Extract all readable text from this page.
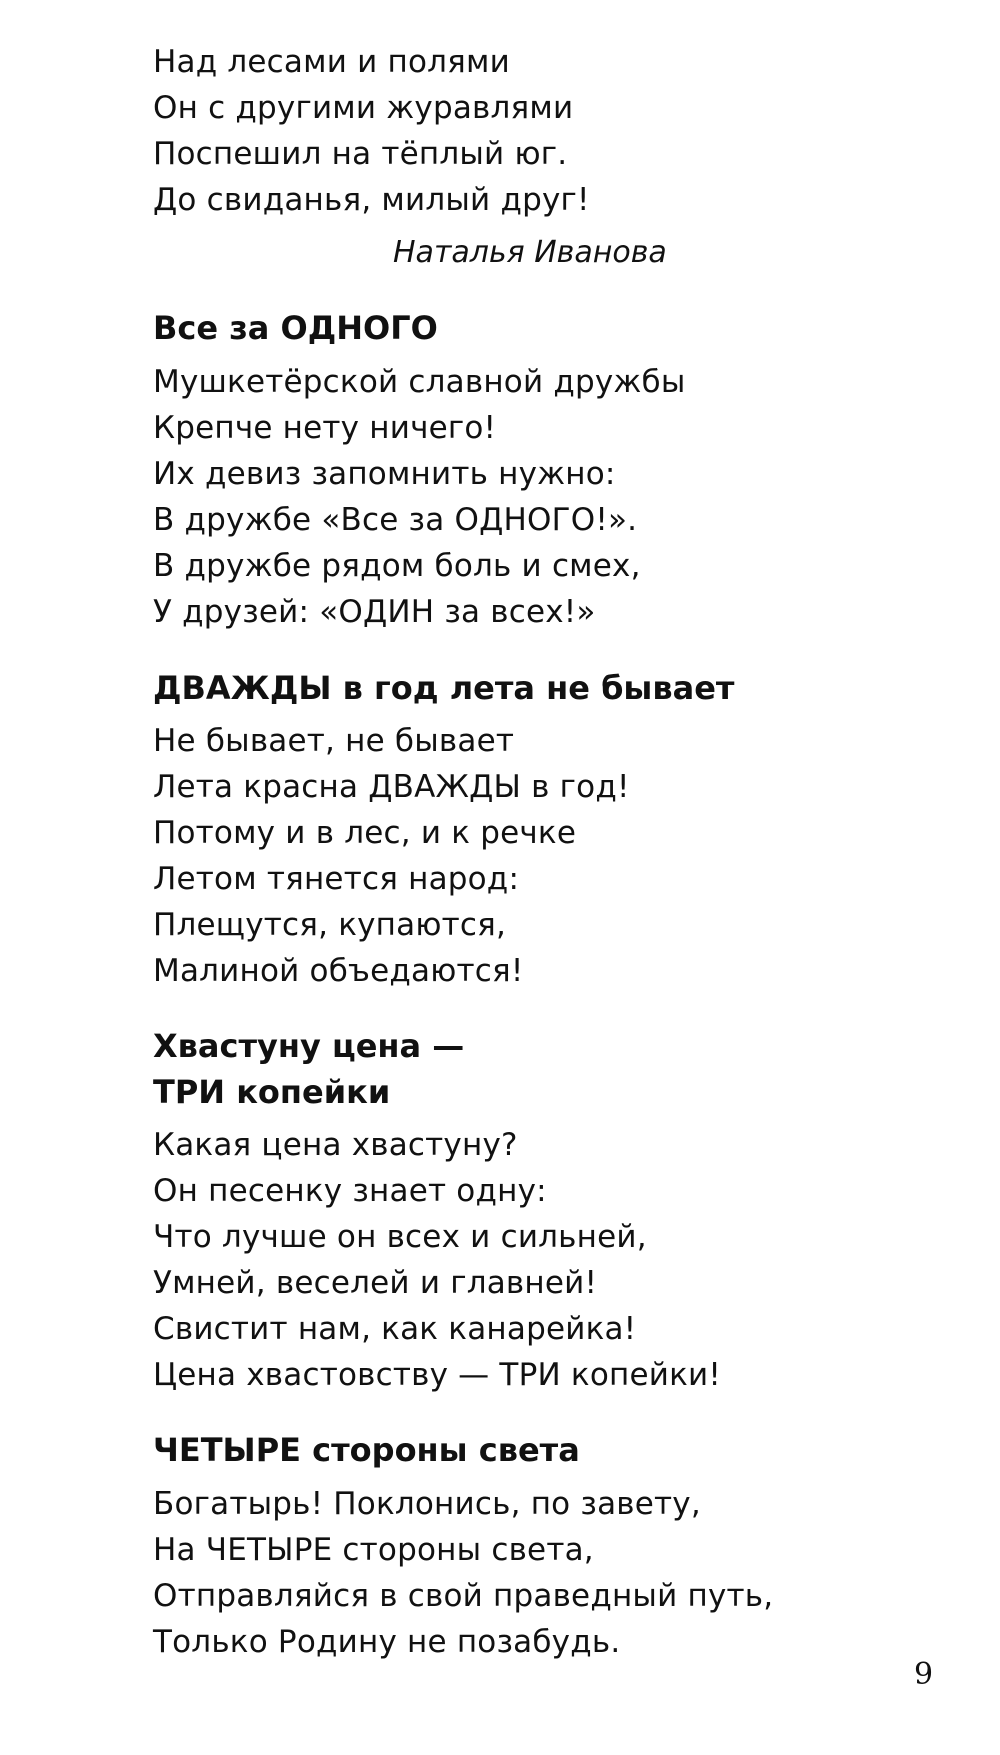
Над лесами и полями
Он с другими журавлями
Поспешил на тёплый юг.
До свиданья, милый друг!
Наталья Иванова
Все за ОДНОГО
Мушкетёрской славной дружбы
Крепче нету ничего!
Их девиз запомнить нужно:
В дружбе «Все за ОДНОГО!».
В дружбе рядом боль и смех,
У друзей: «ОДИН за всех!»
ДВАЖДЫ в год лета не бывает
Не бывает, не бывает
Лета красна ДВАЖДЫ в год!
Потому и в лес, и к речке
Летом тянется народ:
Плещутся, купаются,
Малиной объедаются!
Хвастуну цена —
ТРИ копейки
Какая цена хвастуну?
Он песенку знает одну:
Что лучше он всех и сильней,
Умней, веселей и главней!
Свистит нам, как канарейка!
Цена хвастовству — ТРИ копейки!
ЧЕТЫРЕ стороны света
Богатырь! Поклонись, по завету,
На ЧЕТЫРЕ стороны света,
Отправляйся в свой праведный путь,
Только Родину не позабудь.
9
